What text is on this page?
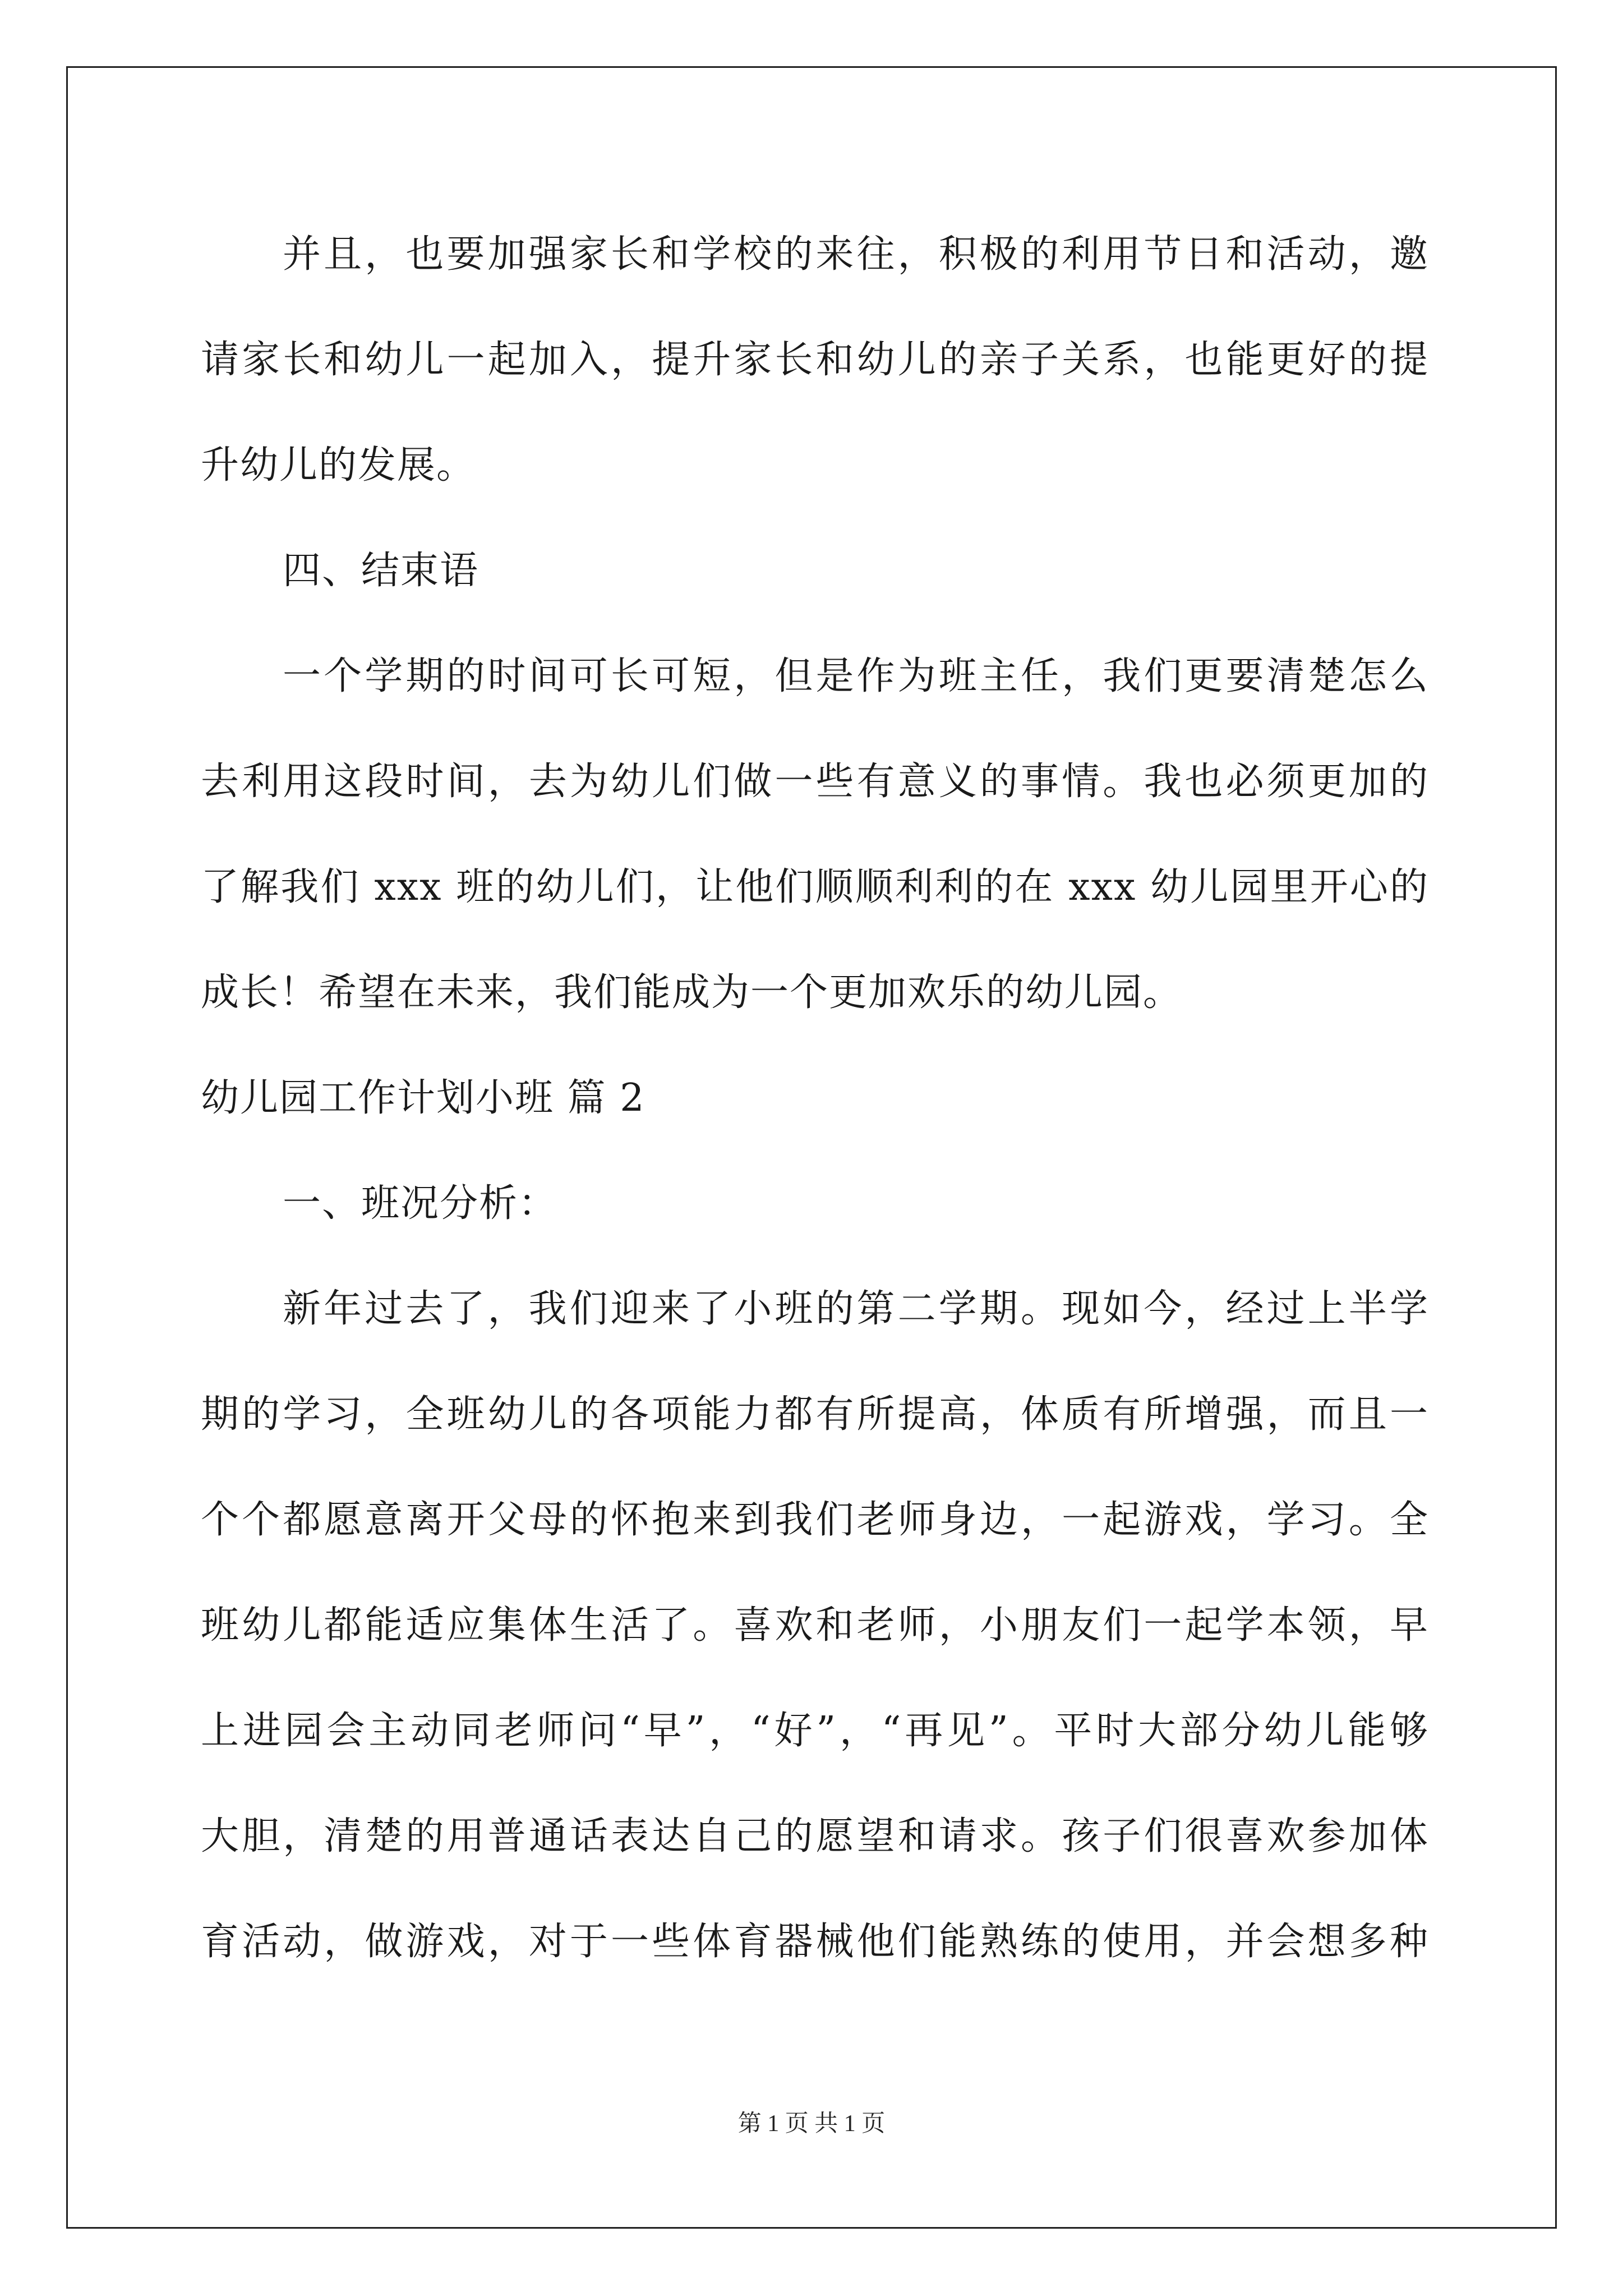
并且，也要加强家长和学校的来往，积极的利用节日和活动，邀
请家长和幼儿一起加入，提升家长和幼儿的亲子关系，也能更好的提
升幼儿的发展。
四、结束语
一个学期的时间可长可短，但是作为班主任，我们更要清楚怎么
去利用这段时间，去为幼儿们做一些有意义的事情。我也必须更加的
了解我们 xxx 班的幼儿们，让他们顺顺利利的在 xxx 幼儿园里开心的
成长！希望在未来，我们能成为一个更加欢乐的幼儿园。
幼儿园工作计划小班 篇 2
一、班况分析：
新年过去了，我们迎来了小班的第二学期。现如今，经过上半学
期的学习，全班幼儿的各项能力都有所提高，体质有所增强，而且一
个个都愿意离开父母的怀抱来到我们老师身边，一起游戏，学习。全
班幼儿都能适应集体生活了。喜欢和老师，小朋友们一起学本领，早
上进园会主动同老师问“早”，“好”，“再见”。平时大部分幼儿能够
大胆，清楚的用普通话表达自己的愿望和请求。孩子们很喜欢参加体
育活动，做游戏，对于一些体育器械他们能熟练的使用，并会想多种
第 1 页 共 1 页
